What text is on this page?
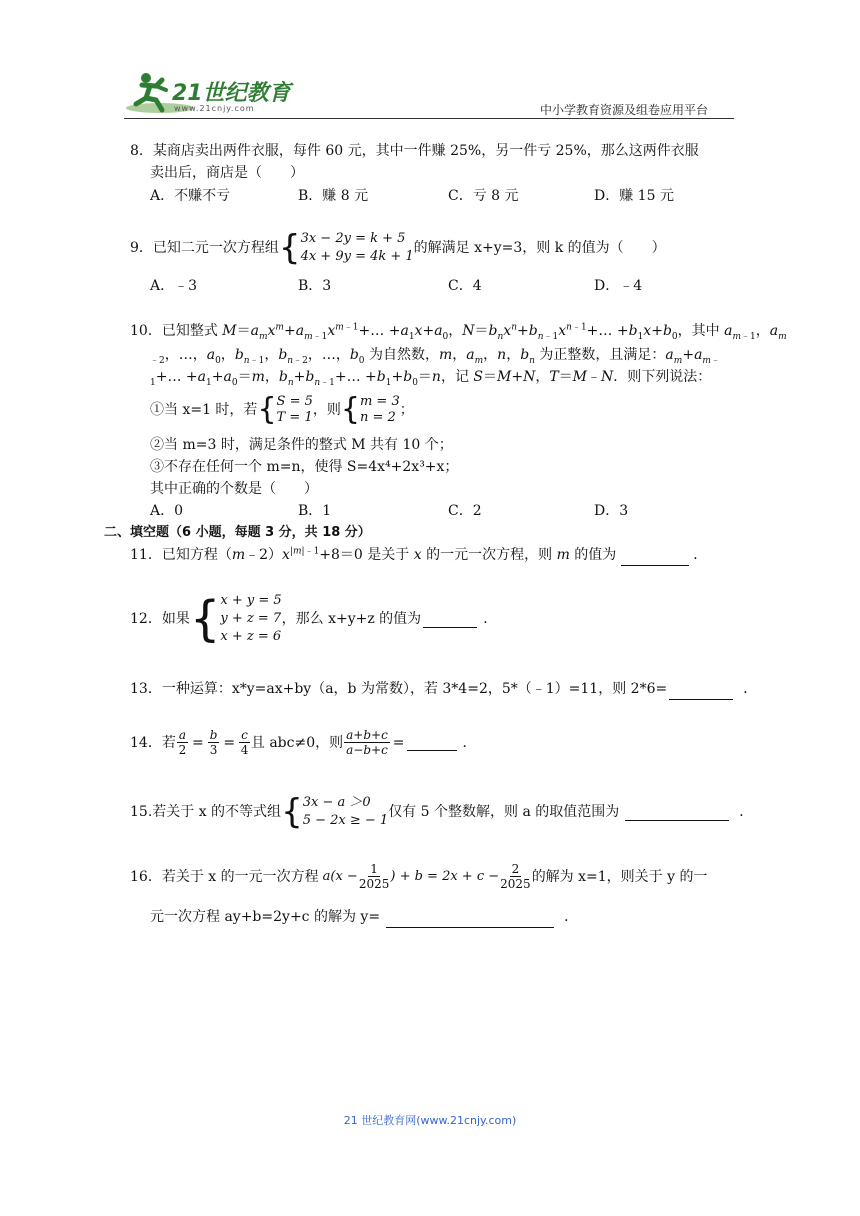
21世纪教育
www.21cnjy.com	中小学教育资源及组卷应用平台
8．某商店卖出两件衣服，每件 60 元，其中一件赚 25%，另一件亏 25%，那么这两件衣服
卖出后，商店是（　　）
A．不赚不亏	B．赚 8 元	C．亏 8 元	D．赚 15 元
9．已知二元一次方程组 { 3x − 2y = k + 5
4x + 9y = 4k + 1
的解满足 x+y=3，则 k 的值为（　　）
A．﹣3	B．3	C．4	D．﹣4
10．已知整式 $M=a_mx^m+a_{m﹣1}x^{m﹣1}+\dots +a_1x+a_0$，$N=b_nx^n+b_{n﹣1}x^{n﹣1}+\dots +b_1x+b_0$，其中 $a_{m﹣1}$，$a_m$
$_{﹣2}$，…，$a_0$，$b_{n﹣1}$，$b_{n﹣2}$，…，$b_0$ 为自然数，m，$a_m$，n，$b_n$ 为正整数，且满足：$a_m+a_{m﹣}$
$_1$+… $+a_1+a_0=m$，$b_n+b_{n﹣1}+\dots +b_1+b_0=n$，记 S＝M+N，T＝M﹣N．则下列说法：
①当 x=1 时，若 { S = 5
T = 1 ，则 { m = 3
n = 2 ；
②当 m=3 时，满足条件的整式 M 共有 10 个；
③不存在任何一个 m=n，使得 S=4x⁴+2x³+x；
其中正确的个数是（　　）
A．0	B．1	C．2	D．3
二、填空题（6 小题，每题 3 分，共 18 分）
11．已知方程$(m﹣2)x^{|m|﹣1}+8=0$ 是关于 x 的一元一次方程，则 m 的值为	．
12．如果 { x + y = 5
y + z = 7
x + z = 6
，那么 x+y+z 的值为	．
13．一种运算：x*y=ax+by（a，b 为常数），若 3*4=2，5*（﹣1）=11，则 2*6=	．
14．若 $\frac{a}{2} = \frac{b}{3} = \frac{c}{4}$ 且 abc≠0，则 $\frac{a+b+c}{a-b+c}$ =	．
15.若关于 x 的不等式组 { 3x − a ＞0
5 − 2x ≥ − 1
仅有 5 个整数解，则 a 的取值范围为	．
16．若关于 x 的一元一次方程 $a(x - \frac{1}{2025}$ ) + $b = 2x + c - \frac{2}{2025}$ 的解为 x=1，则关于 y 的一
元一次方程 ay+b=2y+c 的解为 y=	．
21 世纪教育网(www.21cnjy.com)
